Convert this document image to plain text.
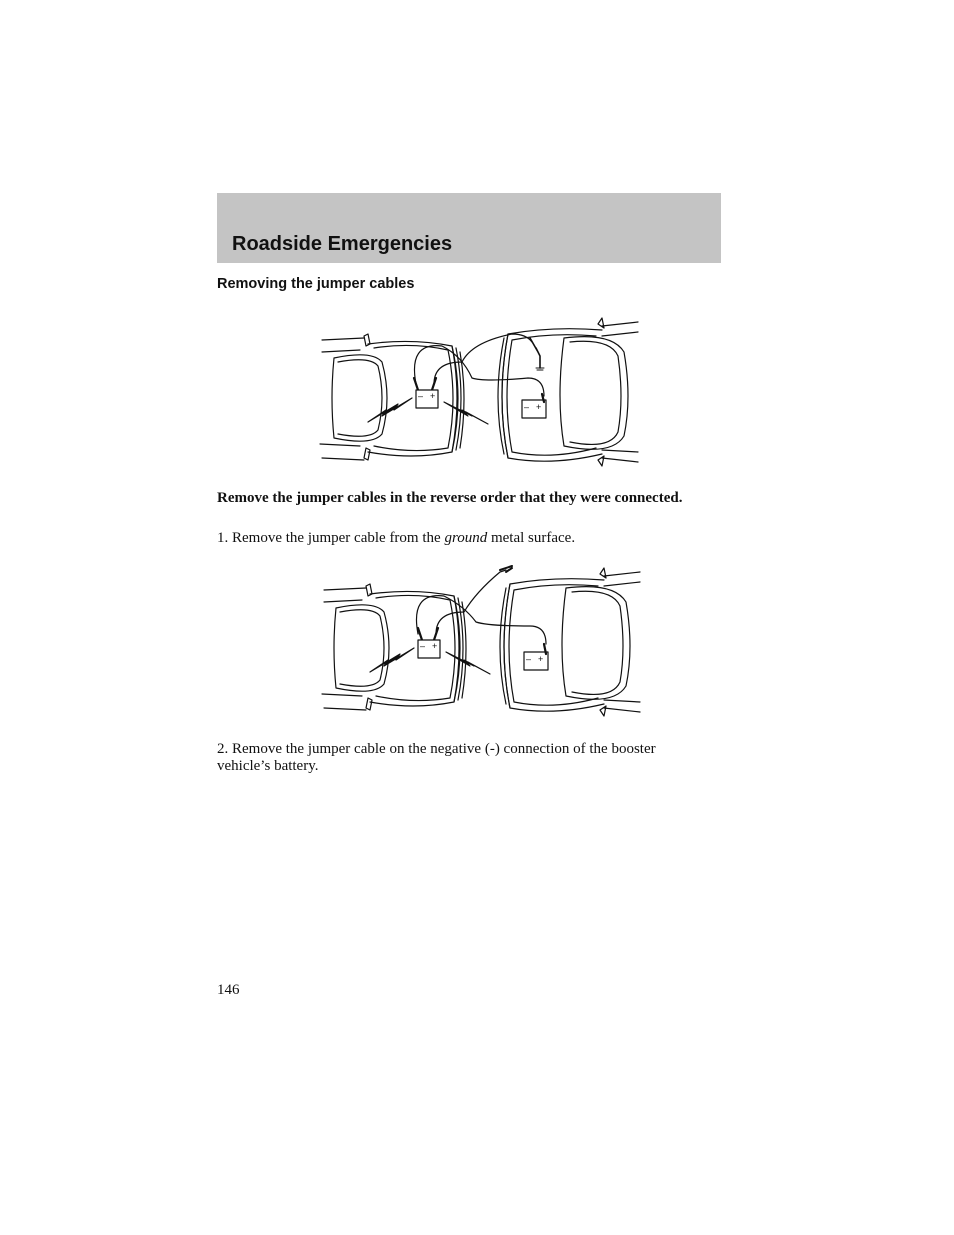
Roadside Emergencies
Removing the jumper cables
– +
– +

Remove the jumper cables in the reverse order that they were connected.

1. Remove the jumper cable from the ground metal surface.

– +
– +

2. Remove the jumper cable on the negative (-) connection of the booster vehicle’s battery.

146
